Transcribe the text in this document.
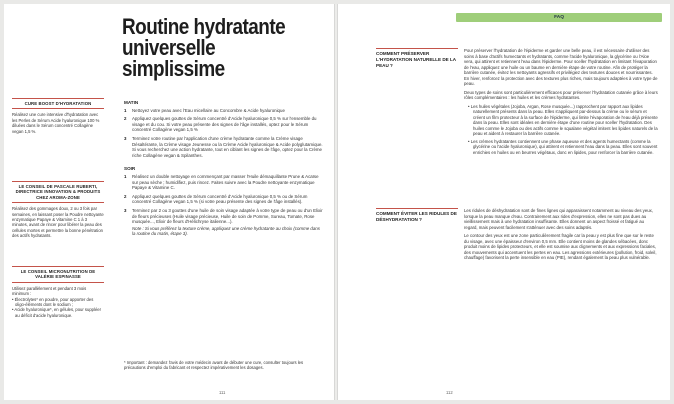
Routine hydratante
universelle
simplissime
CURE BOOST D'HYDRATATION
Réalisez une cure intensive d'hydratation avec les Perles de Sérum Acide hyaluronique 100 % diluées dans le Sérum concentré Collagène vegan 1,5 %.
LE CONSEIL DE PASCALE RUBERTI, DIRECTRICE INNOVATION & PRODUITS CHEZ AROMA-ZONE
Réalisez des gommages doux, 2 ou 3 fois par semaines, en laissant poser la Poudre nettoyante enzymatique Papaye & Vitamine C 1 à 3 minutes, avant de rincer pour libérer la peau des cellules mortes et permettre la bonne pénétration des actifs hydratants.
LE CONSEIL MICRONUTRITION DE VALÉRIE ESPINASSE

Utilisez parallèlement et pendant 3 mois minimum :

• Électrolytes* en poudre, pour apporter des oligo-éléments dont le sodium ;
• Acide hyaluronique*, en gélules, pour suppléer au déficit d'acide hyaluronique.
MATIN
1 Nettoyez votre peau avec l'Eau micellaire au Concombre & Acide hyaluronique
2 Appliquez quelques gouttes de Sérum concentré d'Acide hyaluronique 0,5 % sur l'ensemble du visage et du cou. Si votre peau présente des signes de l'âge installés, optez pour le Sérum concentré Collagène vegan 1,5 %
3 Terminez votre routine par l'application d'une crème hydratante comme la Crème visage Désaltérante, la Crème visage Jeunesse ou la Crème Acide hyaluronique & Acide polyglutamique. Si vous recherchez une action hydratante, tout en ciblant les signes de l'âge, optez pour la Crème riche Collagène vegan & Spilanthes.
SOIR
1 Réalisez un double nettoyage en commençant par masser l'Huile démaquillante Prune & Acaïse sur peau sèche ; humidifiez, puis rincez. Faites suivre avec la Poudre nettoyante enzymatique Papaye & Vitamine C.
2 Appliquez quelques gouttes de Sérum concentré d'Acide hyaluronique 0,5 % ou de Sérum concentré Collagène vegan 1,5 % (si votre peau présente des signes de l'âge installés).
3 Terminez par 2 ou 3 gouttes d'une huile de soin visage adaptée à votre type de peau ou d'un Elixir de fleurs précieuses (Huile visage précieuse, Huile de soin de Pomme, Sureau, Tomate, Rose musquée..., Elixir de fleurs d'Hélichryse italienne...).

Note : Si vous préférez la texture crème, appliquez une crème hydratante au choix (comme dans la routine du matin, étape 3).

* Important : demandez l'avis de votre médecin avant de débuter une cure, consulter toujours les précautions d'emploi du fabricant et respectez impérativement les dosages.

111
FAQ
COMMENT PRÉSERVER L'HYDRATATION NATURELLE DE LA PEAU ?

Pour préserver l'hydratation de l'épiderme et garder une belle peau, il est nécessaire d'utiliser des soins à base d'actifs humectants et hydratants, comme l'acide hyaluronique, la glycérine ou l'Aloe vera, qui attirent et retiennent l'eau dans l'épiderme. Pour sceller l'hydratation en limitant l'évaporation de l'eau, appliquez une huile ou un baume en dernière étape de votre routine. Afin de protéger la barrière cutanée, évitez les nettoyants agressifs et privilégiez des textures douces et nourrissantes. En hiver, renforcez la protection avec des textures plus riches, mais toujours adaptées à votre type de peau.

Deux types de soins sont particulièrement efficaces pour préserver l'hydratation cutanée grâce à leurs rôles complémentaires : les huiles et les crèmes hydratantes.

• Les huiles végétales (Jojoba, Argan, Rose musquée...) rapprochent par rapport aux lipides naturellement présents dans la peau. Elles s'appliquent par-dessus la crème ou le sérum et créent un film protecteur à la surface de l'épiderme, qui limite l'évaporation de l'eau déjà présente dans la peau. Elles sont idéales en dernière étape d'une routine pour sceller l'hydratation. Des huiles comme le Jojoba ou des actifs comme le squalane végétal imitent les lipides naturels de la peau et aident à restaurer la barrière cutanée.
• Les crèmes hydratantes contiennent une phase aqueuse et des agents humectants (comme la glycérine ou l'acide hyaluronique), qui attirent et retiennent l'eau dans la peau. Elles sont souvent enrichies en huiles ou en beurres végétaux, donc en lipides, pour renforcer la barrière cutanée.
COMMENT ÉVITER LES RIDULES DE DÉSHYDRATATION ?

Les ridules de déshydratation sont de fines lignes qui apparaissent notamment au niveau des yeux, lorsque la peau manque d'eau. Contrairement aux rides d'expression, elles ne sont pas dues au vieillissement mais à une hydratation insuffisante. Elles donnent un aspect froissé et fatigué au regard, mais peuvent facilement s'atténuer avec des soins adaptés.

Le contour des yeux est une zone particulièrement fragile car la peau y est plus fine que sur le reste du visage, avec une épaisseur d'environ 0,5 mm. Elle contient moins de glandes sébacées, donc produit moins de lipides protecteurs, et elle est soumise aux clignements et aux expressions faciales, des mouvements qui accentuent les pertes en eau. Les agressions extérieures (pollution, froid, soleil, chauffage) favorisent la perte insensible en eau (PIE), rendant également la peau plus vulnérable.

112
